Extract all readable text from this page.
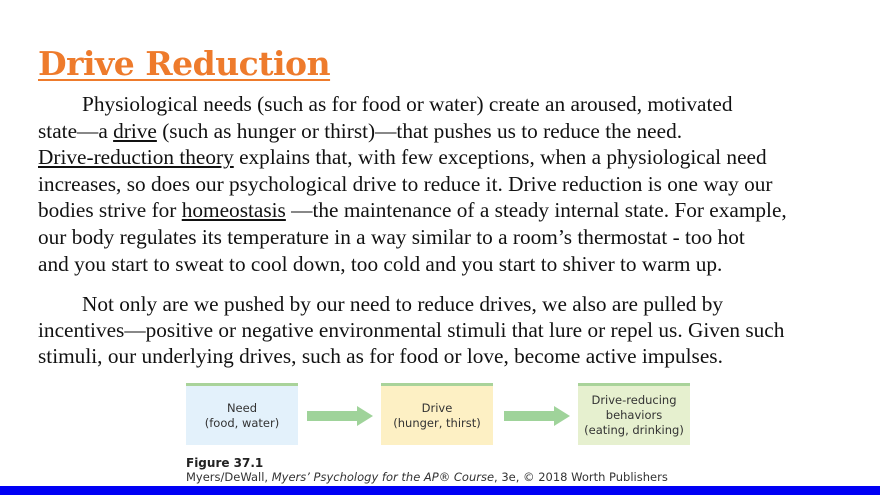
Drive Reduction
Physiological needs (such as for food or water) create an aroused, motivated
state—a drive (such as hunger or thirst)—that pushes us to reduce the need.
Drive-reduction theory explains that, with few exceptions, when a physiological need
increases, so does our psychological drive to reduce it. Drive reduction is one way our
bodies strive for homeostasis —the maintenance of a steady internal state. For example,
our body regulates its temperature in a way similar to a room’s thermostat - too hot
and you start to sweat to cool down, too cold and you start to shiver to warm up.
Not only are we pushed by our need to reduce drives, we also are pulled by
incentives—positive or negative environmental stimuli that lure or repel us. Given such
stimuli, our underlying drives, such as for food or love, become active impulses.
Need
(food, water)
Drive
(hunger, thirst)
Drive-reducing
behaviors
(eating, drinking)
Figure 37.1
Myers/DeWall, Myers’ Psychology for the AP® Course, 3e, © 2018 Worth Publishers
